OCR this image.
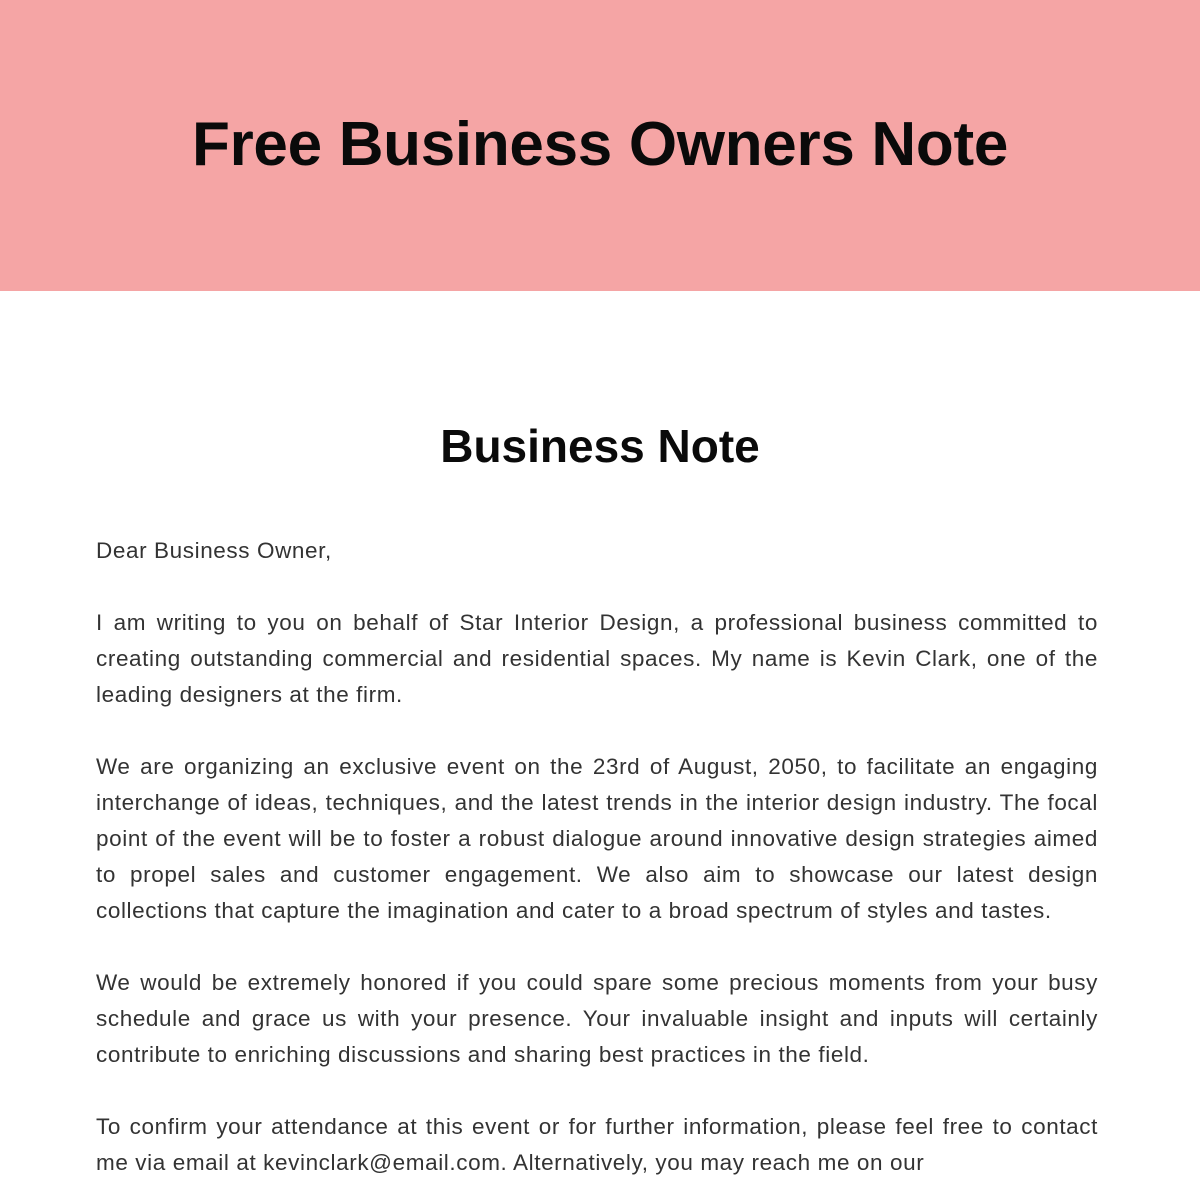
Free Business Owners Note
Business Note

Dear Business Owner,

I am writing to you on behalf of Star Interior Design, a professional business committed to creating outstanding commercial and residential spaces. My name is Kevin Clark, one of the leading designers at the firm.

We are organizing an exclusive event on the 23rd of August, 2050, to facilitate an engaging interchange of ideas, techniques, and the latest trends in the interior design industry. The focal point of the event will be to foster a robust dialogue around innovative design strategies aimed to propel sales and customer engagement. We also aim to showcase our latest design collections that capture the imagination and cater to a broad spectrum of styles and tastes.

We would be extremely honored if you could spare some precious moments from your busy schedule and grace us with your presence. Your invaluable insight and inputs will certainly contribute to enriching discussions and sharing best practices in the field.

To confirm your attendance at this event or for further information, please feel free to contact me via email at kevinclark@email.com. Alternatively, you may reach me on our
